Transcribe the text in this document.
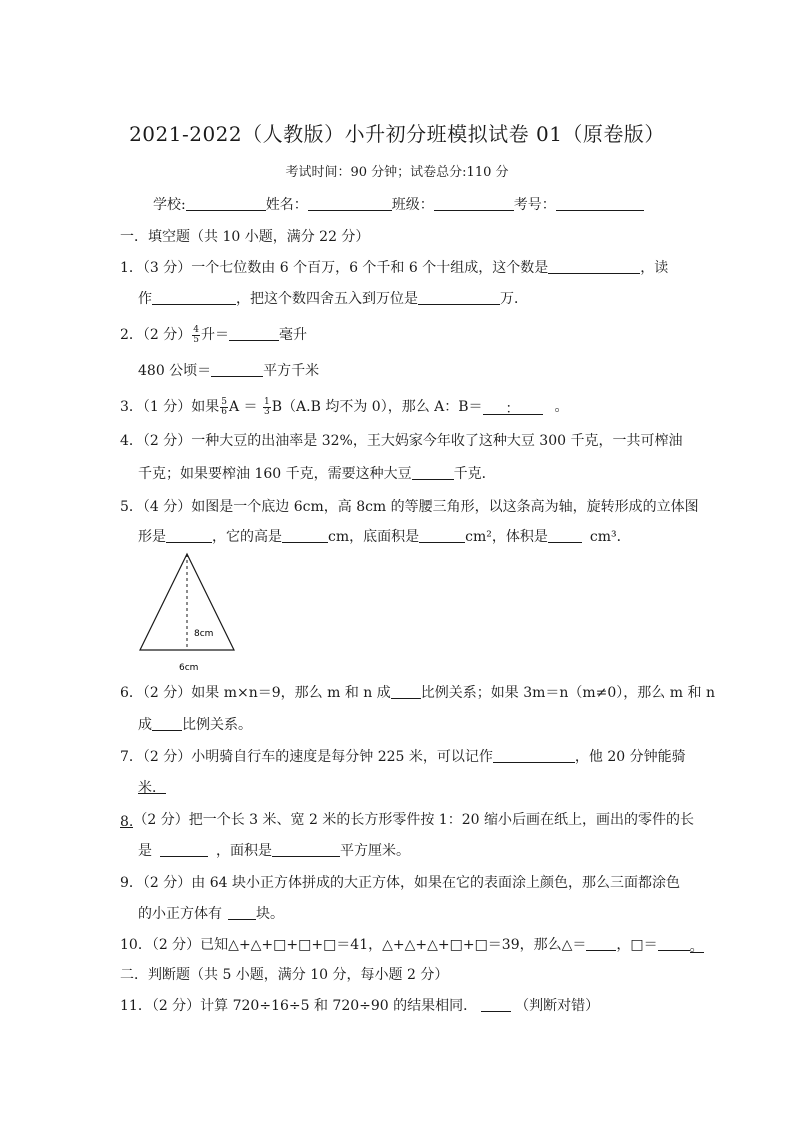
2021-2022（人教版）小升初分班模拟试卷 01（原卷版）
考试时间：90 分钟；试卷总分:110 分
学校:	姓名：	班级：	考号：
一．填空题（共 10 小题，满分 22 分）
1．（3 分）一个七位数由 6 个百万，6 个千和 6 个十组成，这个数是	，读
作	，把这个数四舍五入到万位是	万．
2．（2 分） $\frac{4}{5}$ 升＝	毫升
480 公顷＝	平方千米
3．（1 分）如果 $\frac{5}{6}$ $A = \frac{1}{3} B(A.B$ 均不为 0），那么 A：B＝ ：	。
4．（2 分）一种大豆的出油率是 32%，王大妈家今年收了这种大豆 300 千克，一共可榨油
千克；如果要榨油 160 千克，需要这种大豆	千克．
5．（4 分）如图是一个底边 6cm，高 8cm 的等腰三角形，以这条高为轴，旋转形成的立体图
形是	，它的高是	cm，底面积是	cm²，体积是	cm³．
8cm
6cm
6．（2 分）如果 m×n＝9，那么 m 和 n 成 比例关系；如果 3m＝n（m≠0），那么 m 和 n
成 比例关系。
7．（2 分）小明骑自行车的速度是每分钟 225 米，可以记作	，他 20 分钟能骑
米．
8.（2 分）把一个长 3 米、宽 2 米的长方形零件按 1：20 缩小后画在纸上，画出的零件的长
是	，面积是	平方厘米。
9．（2 分）由 64 块小正方体拼成的大正方体，如果在它的表面涂上颜色，那么三面都涂色
的小正方体有 块。
10．（2 分）已知△+△+□+□+□＝41，△+△+△+□+□＝39，那么△＝ ，□＝ 。
二．判断题（共 5 小题，满分 10 分，每小题 2 分）
11．（2 分）计算 720÷16÷5 和 720÷90 的结果相同．	（判断对错）
